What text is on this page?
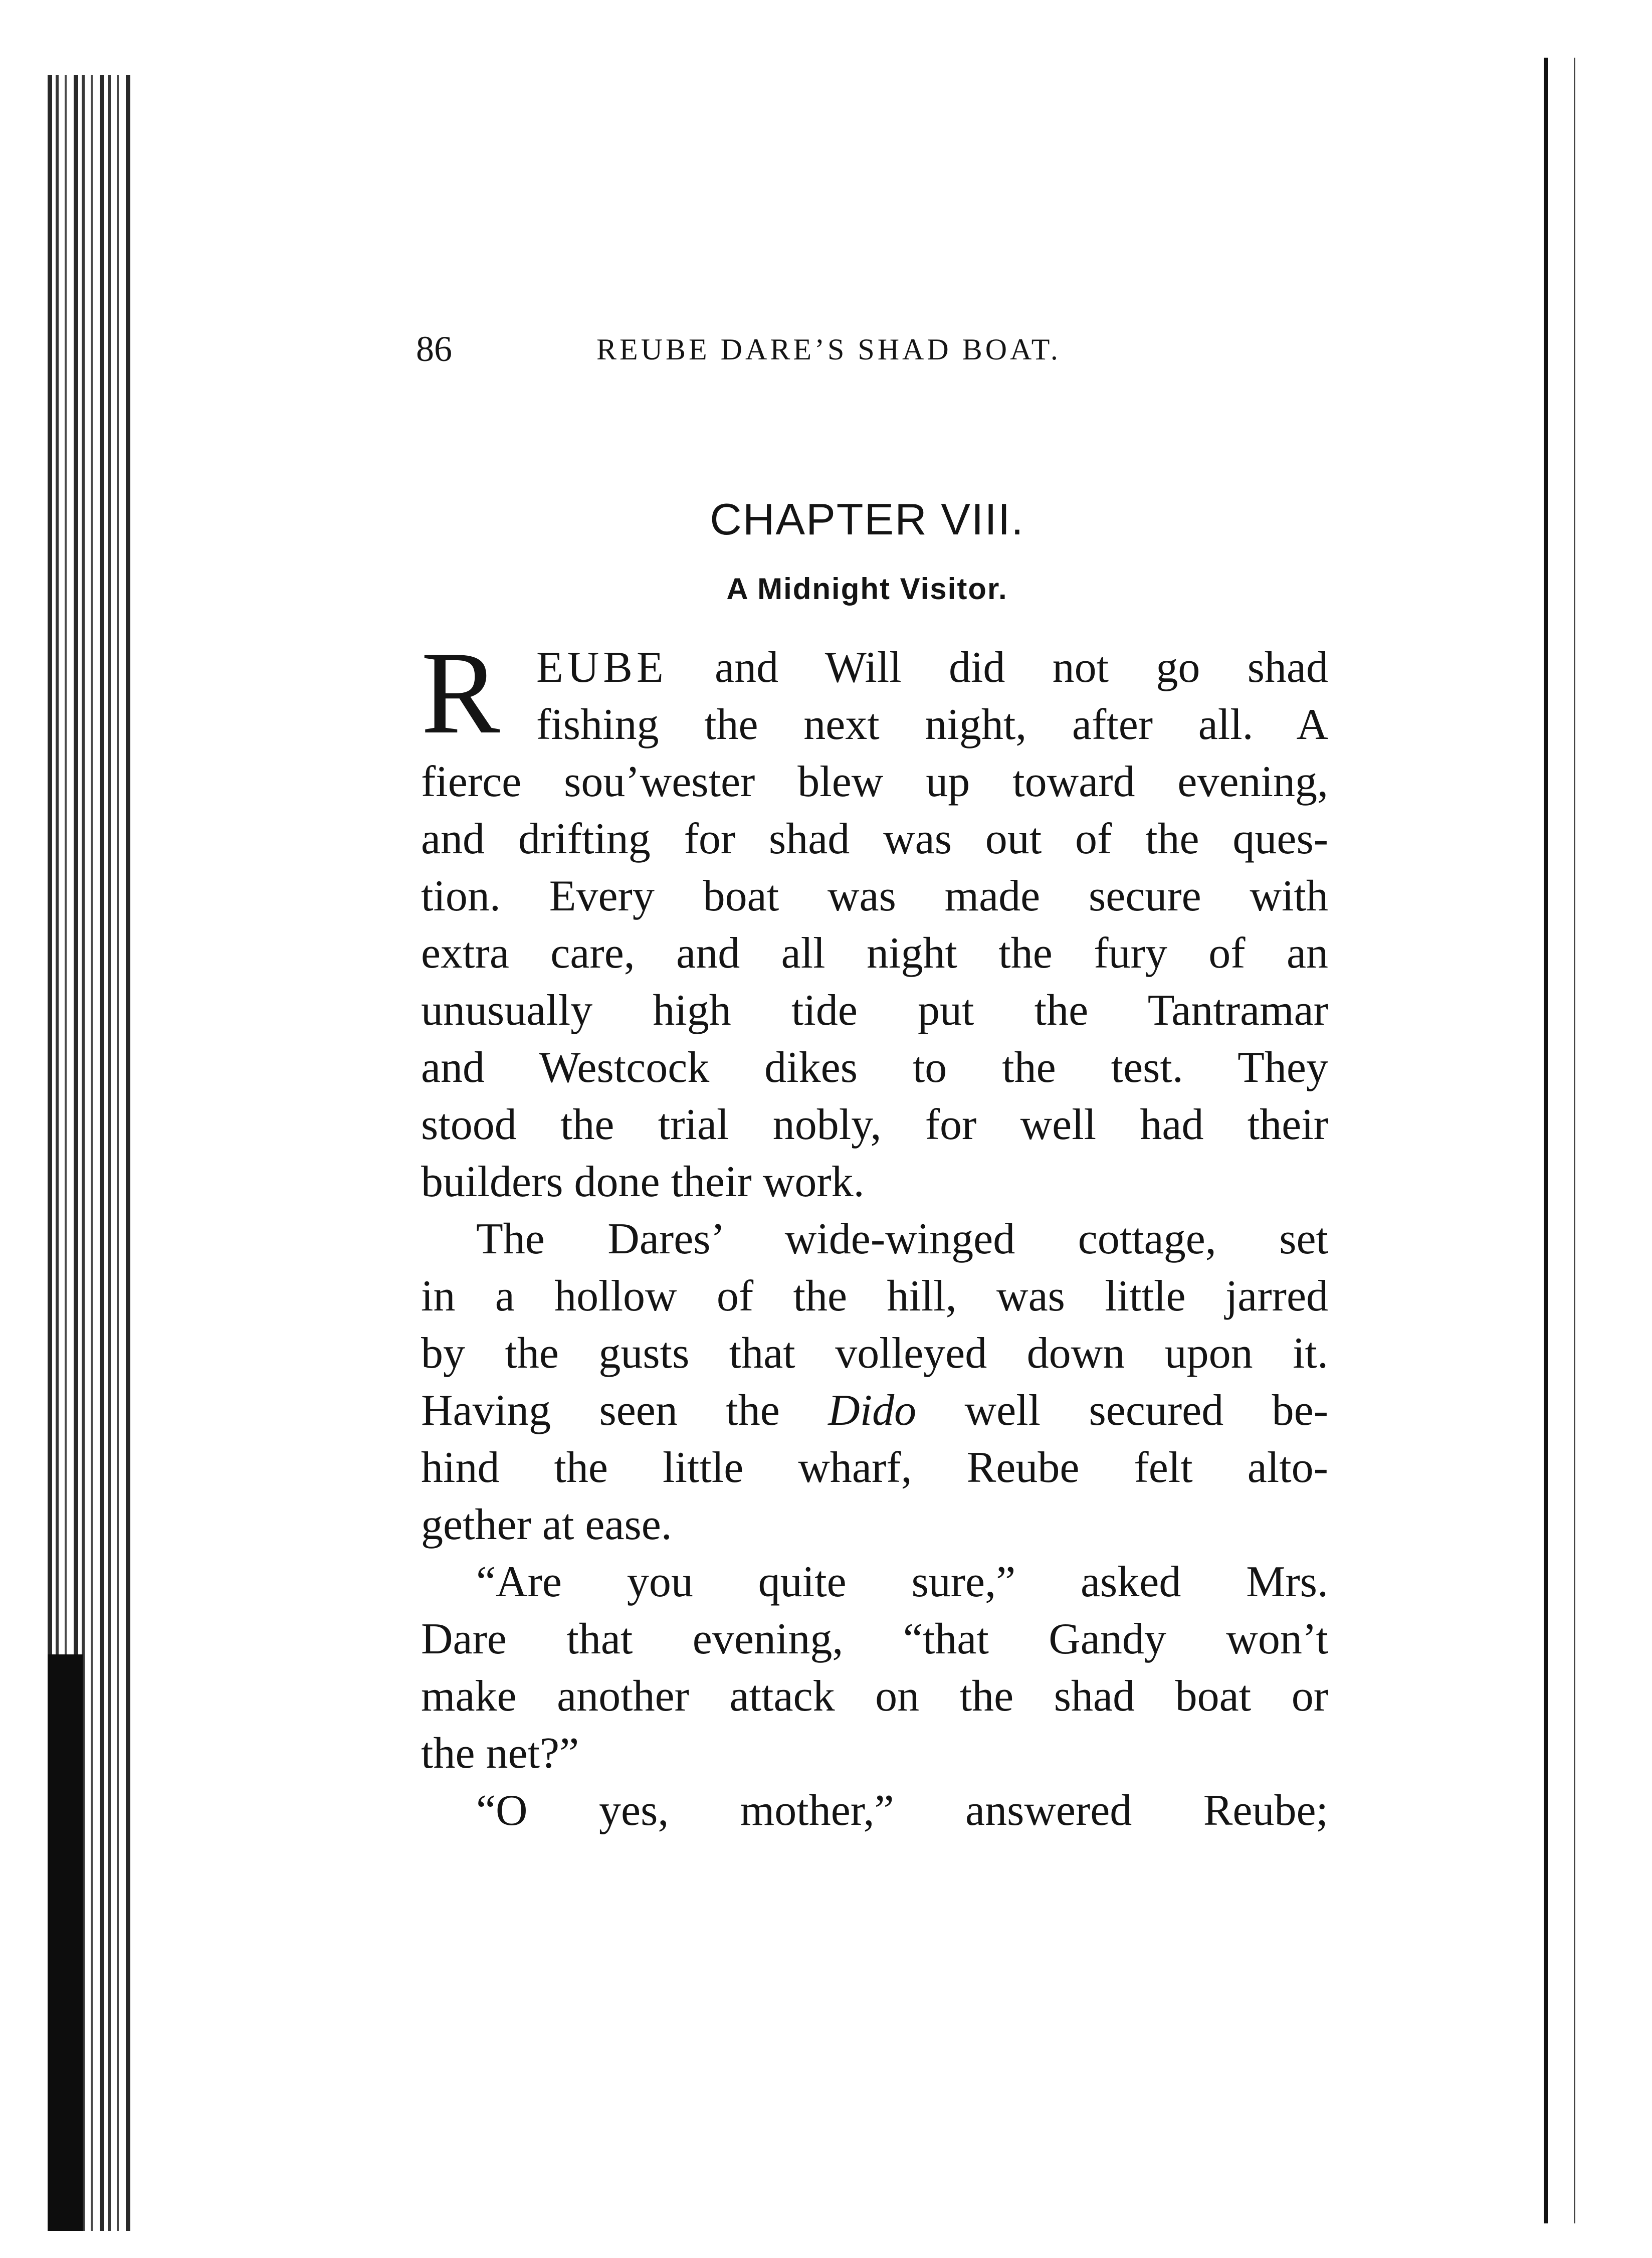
86	REUBE DARE’S SHAD BOAT.
CHAPTER VIII.
A Midnight Visitor.
R EUBE and Will did not go shad
fishing the next night, after all. A
fierce sou’wester blew up toward evening,
and drifting for shad was out of the ques-
tion. Every boat was made secure with
extra care, and all night the fury of an
unusually high tide put the Tantramar
and Westcock dikes to the test. They
stood the trial nobly, for well had their
builders done their work.
The Dares’ wide-winged cottage, set
in a hollow of the hill, was little jarred
by the gusts that volleyed down upon it.
Having seen the Dido well secured be-
hind the little wharf, Reube felt alto-
gether at ease.
“Are you quite sure,” asked Mrs.
Dare that evening, “that Gandy won’t
make another attack on the shad boat or
the net?”
“O yes, mother,” answered Reube;
